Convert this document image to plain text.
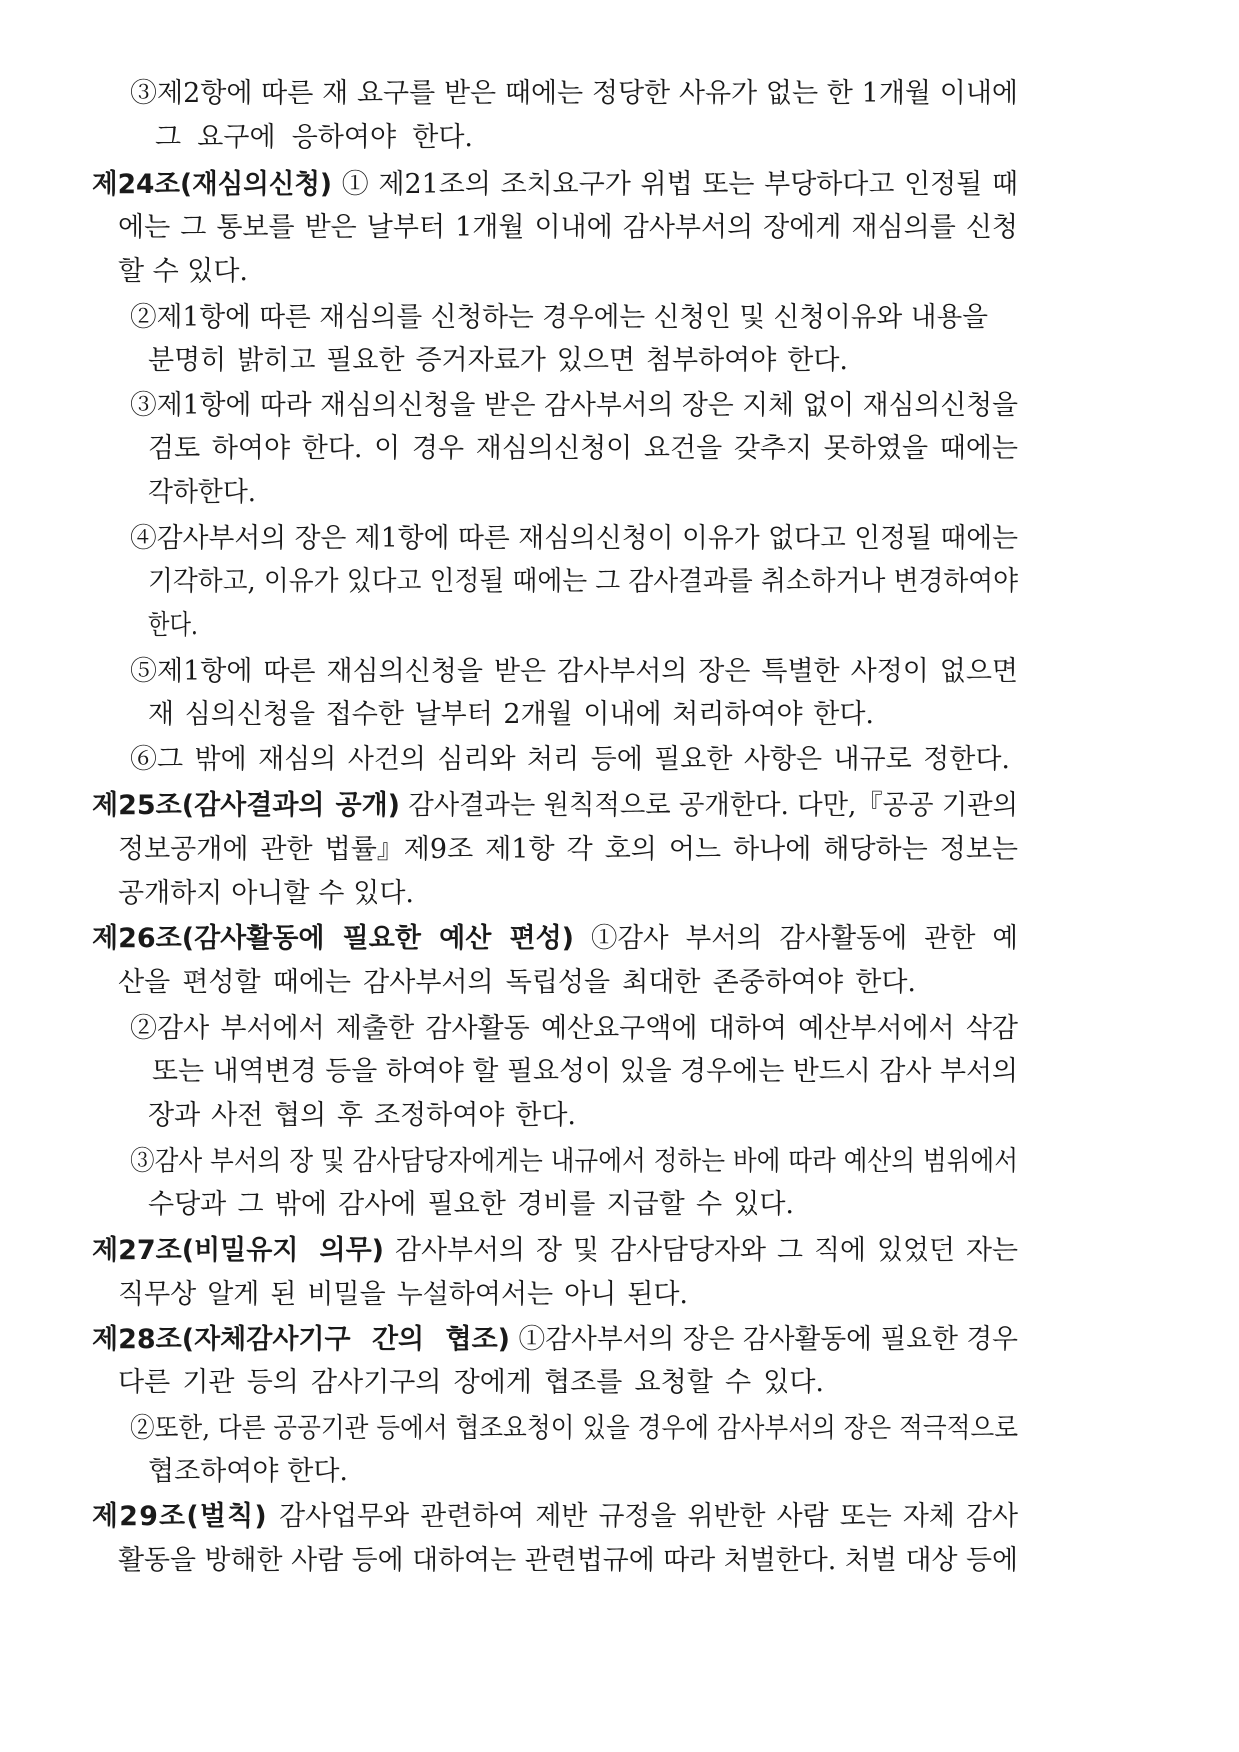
③제2항에 따른 재 요구를 받은 때에는 정당한 사유가 없는 한 1개월 이내에
그 요구에 응하여야 한다.
제24조(재심의신청) ① 제21조의 조치요구가 위법 또는 부당하다고 인정될 때
에는 그 통보를 받은 날부터 1개월 이내에 감사부서의 장에게 재심의를 신청
할 수 있다.
②제1항에 따른 재심의를 신청하는 경우에는 신청인 및 신청이유와 내용을
분명히 밝히고 필요한 증거자료가 있으면 첨부하여야 한다.
③제1항에 따라 재심의신청을 받은 감사부서의 장은 지체 없이 재심의신청을
검토 하여야 한다. 이 경우 재심의신청이 요건을 갖추지 못하였을 때에는
각하한다.
④감사부서의 장은 제1항에 따른 재심의신청이 이유가 없다고 인정될 때에는
기각하고, 이유가 있다고 인정될 때에는 그 감사결과를 취소하거나 변경하여야
한다.
⑤제1항에 따른 재심의신청을 받은 감사부서의 장은 특별한 사정이 없으면
재 심의신청을 접수한 날부터 2개월 이내에 처리하여야 한다.
⑥그 밖에 재심의 사건의 심리와 처리 등에 필요한 사항은 내규로 정한다.
제25조(감사결과의 공개) 감사결과는 원칙적으로 공개한다. 다만,『공공 기관의
정보공개에 관한 법률』제9조 제1항 각 호의 어느 하나에 해당하는 정보는
공개하지 아니할 수 있다.
제26조(감사활동에 필요한 예산 편성) ①감사 부서의 감사활동에 관한 예
산을 편성할 때에는 감사부서의 독립성을 최대한 존중하여야 한다.
②감사 부서에서 제출한 감사활동 예산요구액에 대하여 예산부서에서 삭감
또는 내역변경 등을 하여야 할 필요성이 있을 경우에는 반드시 감사 부서의
장과 사전 협의 후 조정하여야 한다.
③감사 부서의 장 및 감사담당자에게는 내규에서 정하는 바에 따라 예산의 범위에서
수당과 그 밖에 감사에 필요한 경비를 지급할 수 있다.
제27조(비밀유지 의무) 감사부서의 장 및 감사담당자와 그 직에 있었던 자는
직무상 알게 된 비밀을 누설하여서는 아니 된다.
제28조(자체감사기구 간의 협조) ①감사부서의 장은 감사활동에 필요한 경우
다른 기관 등의 감사기구의 장에게 협조를 요청할 수 있다.
②또한, 다른 공공기관 등에서 협조요청이 있을 경우에 감사부서의 장은 적극적으로
협조하여야 한다.
제29조(벌칙) 감사업무와 관련하여 제반 규정을 위반한 사람 또는 자체 감사
활동을 방해한 사람 등에 대하여는 관련법규에 따라 처벌한다. 처벌 대상 등에
